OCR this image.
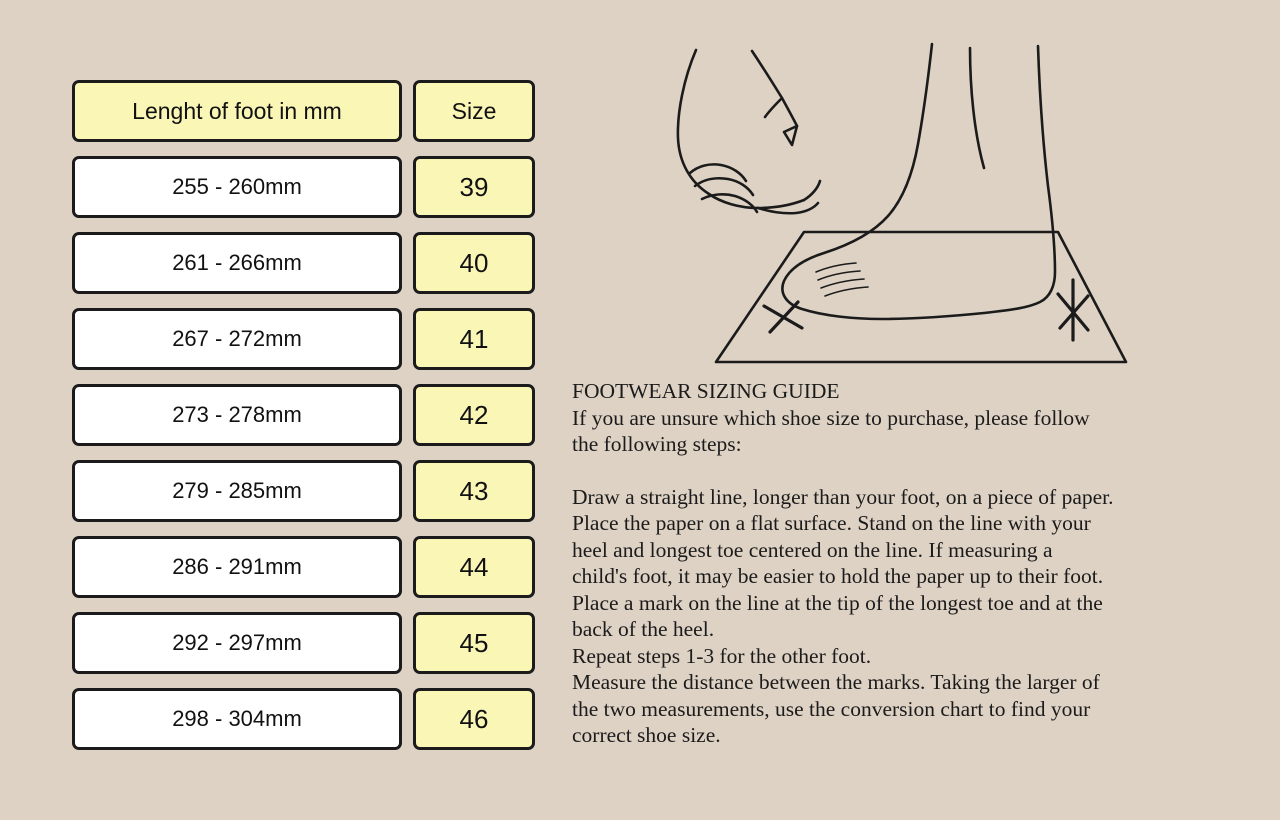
Lenght of foot in mm	Size
255 - 260mm	39
261 - 266mm	40
267 - 272mm	41
273 - 278mm	42
279 - 285mm	43
286 - 291mm	44
292 - 297mm	45
298 - 304mm	46

FOOTWEAR SIZING GUIDE

If you are unsure which shoe size to purchase, please follow

the following steps:

Draw a straight line, longer than your foot, on a piece of paper.

Place the paper on a flat surface. Stand on the line with your

heel and longest toe centered on the line. If measuring a

child's foot, it may be easier to hold the paper up to their foot.

Place a mark on the line at the tip of the longest toe and at the

back of the heel.

Repeat steps 1-3 for the other foot.

Measure the distance between the marks. Taking the larger of

the two measurements, use the conversion chart to find your

correct shoe size.
